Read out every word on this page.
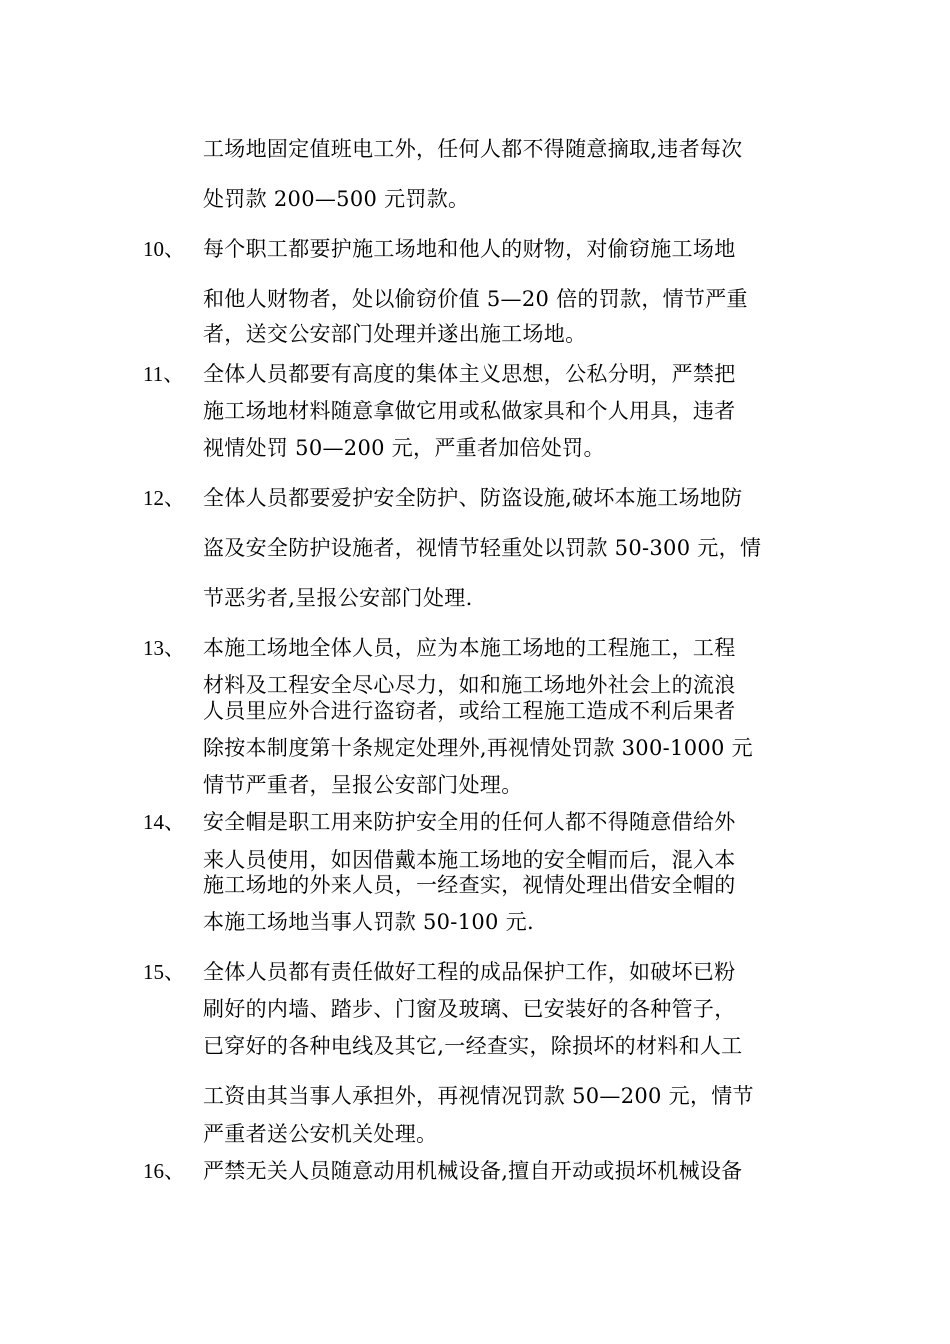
工场地固定值班电工外，任何人都不得随意摘取,违者每次
处罚款 200—500 元罚款。
10、 每个职工都要护施工场地和他人的财物，对偷窃施工场地
和他人财物者，处以偷窃价值 5—20 倍的罚款，情节严重
者，送交公安部门处理并遂出施工场地。
11、 全体人员都要有高度的集体主义思想，公私分明，严禁把
施工场地材料随意拿做它用或私做家具和个人用具，违者
视情处罚 50—200 元，严重者加倍处罚。
12、 全体人员都要爱护安全防护、防盗设施,破坏本施工场地防
盗及安全防护设施者，视情节轻重处以罚款 50-300 元，情
节恶劣者,呈报公安部门处理.
13、 本施工场地全体人员，应为本施工场地的工程施工，工程
材料及工程安全尽心尽力，如和施工场地外社会上的流浪
人员里应外合进行盗窃者，或给工程施工造成不利后果者
除按本制度第十条规定处理外,再视情处罚款 300-1000 元
情节严重者，呈报公安部门处理。
14、 安全帽是职工用来防护安全用的任何人都不得随意借给外
来人员使用，如因借戴本施工场地的安全帽而后，混入本
施工场地的外来人员，一经查实，视情处理出借安全帽的
本施工场地当事人罚款 50-100 元.
15、 全体人员都有责任做好工程的成品保护工作，如破坏已粉
刷好的内墙、踏步、门窗及玻璃、已安装好的各种管子，
已穿好的各种电线及其它,一经查实，除损坏的材料和人工
工资由其当事人承担外，再视情况罚款 50—200 元，情节
严重者送公安机关处理。
16、 严禁无关人员随意动用机械设备,擅自开动或损坏机械设备
